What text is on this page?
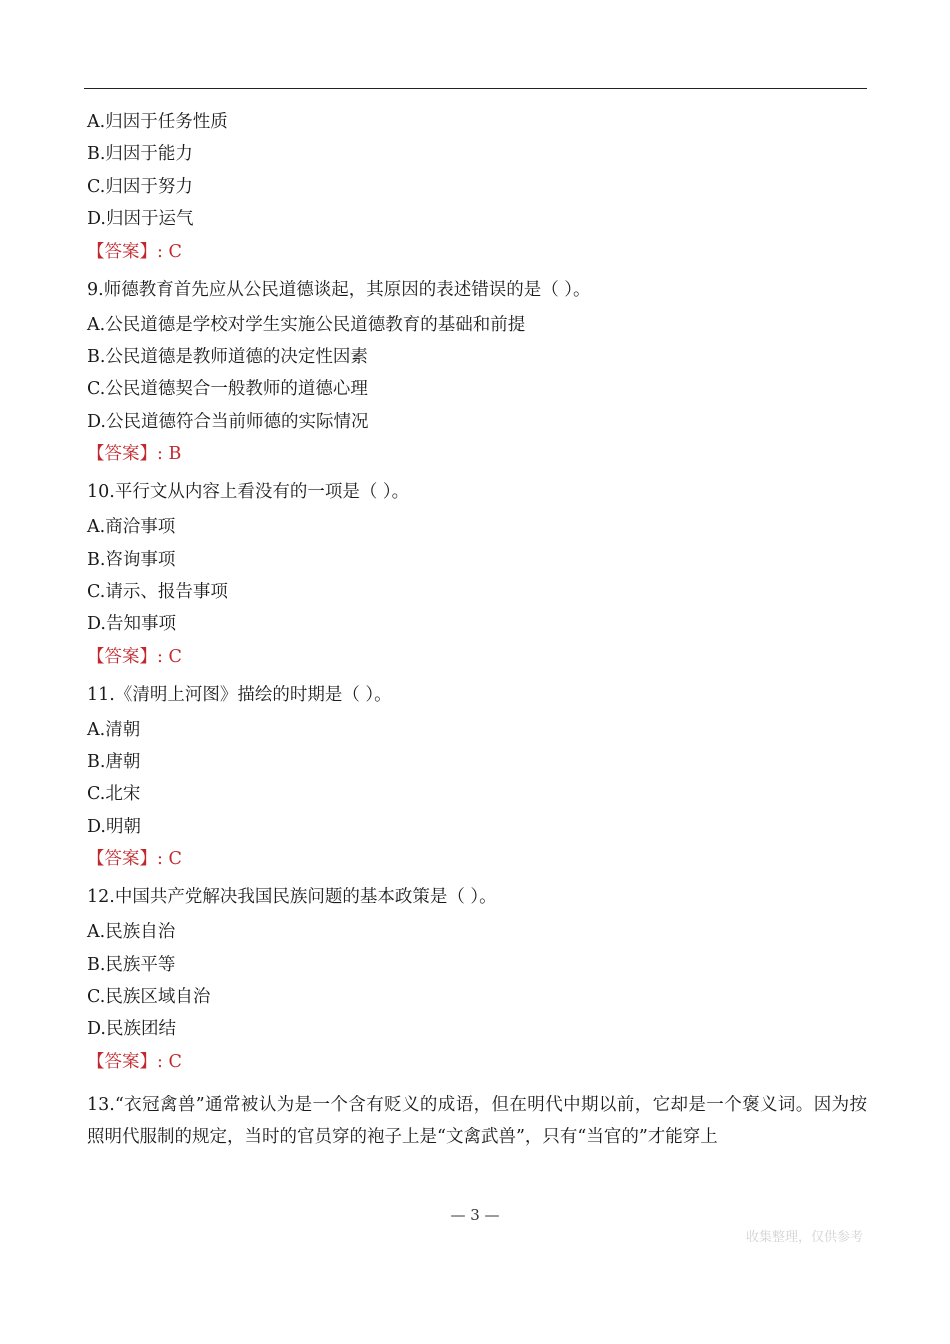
A.归因于任务性质
B.归因于能力
C.归因于努力
D.归因于运气
【答案】: C
9.师德教育首先应从公民道德谈起，其原因的表述错误的是（ ）。
A.公民道德是学校对学生实施公民道德教育的基础和前提
B.公民道德是教师道德的决定性因素
C.公民道德契合一般教师的道德心理
D.公民道德符合当前师德的实际情况
【答案】: B
10.平行文从内容上看没有的一项是（ ）。
A.商洽事项
B.咨询事项
C.请示、报告事项
D.告知事项
【答案】: C
11.《清明上河图》描绘的时期是（ ）。
A.清朝
B.唐朝
C.北宋
D.明朝
【答案】: C
12.中国共产党解决我国民族问题的基本政策是（ ）。
A.民族自治
B.民族平等
C.民族区域自治
D.民族团结
【答案】: C
13.“衣冠禽兽”通常被认为是一个含有贬义的成语，但在明代中期以前，它却是一个褒义词。因为按照明代服制的规定，当时的官员穿的袍子上是“文禽武兽”，只有“当官的”才能穿上
— 3 —
收集整理，仅供参考
